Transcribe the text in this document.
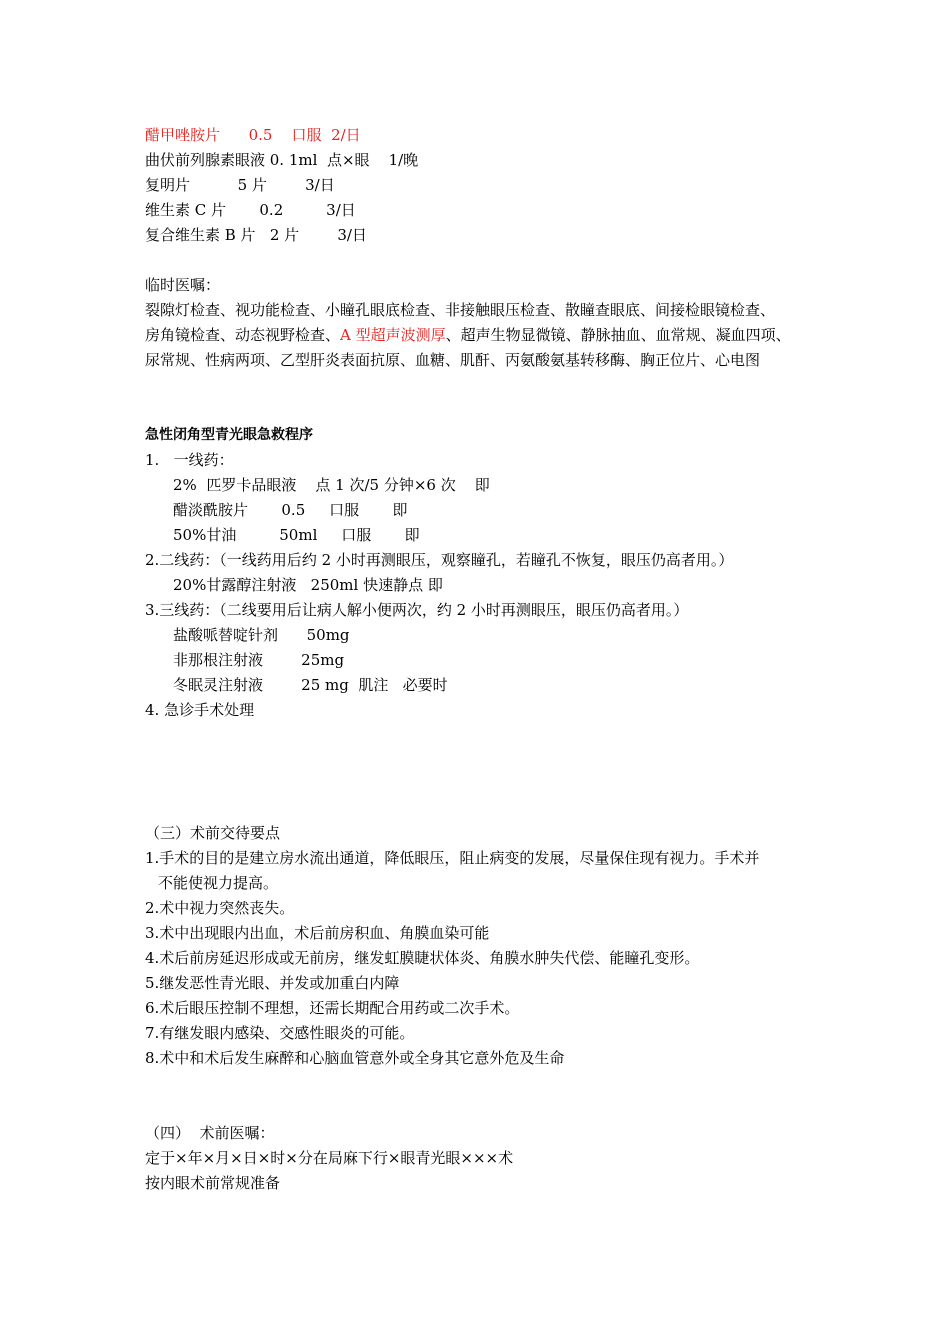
醋甲唑胺片      0.5    口服  2/日
曲伏前列腺素眼液 0. 1ml  点×眼    1/晚
复明片          5 片        3/日
维生素 C 片       0.2         3/日
复合维生素 B 片   2 片        3/日
临时医嘱：
裂隙灯检查、视功能检查、小瞳孔眼底检查、非接触眼压检查、散瞳查眼底、间接检眼镜检查、
房角镜检查、动态视野检查、A 型超声波测厚、超声生物显微镜、静脉抽血、血常规、凝血四项、
尿常规、性病两项、乙型肝炎表面抗原、血糖、肌酐、丙氨酸氨基转移酶、胸正位片、心电图
急性闭角型青光眼急救程序
1.   一线药：
2%  匹罗卡品眼液    点 1 次/5 分钟×6 次    即
醋淡酰胺片       0.5     口服       即
50%甘油         50ml     口服       即
2.二线药：（一线药用后约 2 小时再测眼压，观察瞳孔，若瞳孔不恢复，眼压仍高者用。）
20%甘露醇注射液   250ml 快速静点 即
3.三线药：（二线要用后让病人解小便两次，约 2 小时再测眼压，眼压仍高者用。）
盐酸哌替啶针剂      50mg
非那根注射液        25mg
冬眠灵注射液        25 mg  肌注   必要时
4. 急诊手术处理
（三）术前交待要点
1.手术的目的是建立房水流出通道，降低眼压，阻止病变的发展，尽量保住现有视力。手术并
不能使视力提高。
2.术中视力突然丧失。
3.术中出现眼内出血，术后前房积血、角膜血染可能
4.术后前房延迟形成或无前房，继发虹膜睫状体炎、角膜水肿失代偿、能瞳孔变形。
5.继发恶性青光眼、并发或加重白内障
6.术后眼压控制不理想，还需长期配合用药或二次手术。
7.有继发眼内感染、交感性眼炎的可能。
8.术中和术后发生麻醉和心脑血管意外或全身其它意外危及生命
（四）  术前医嘱：
定于×年×月×日×时×分在局麻下行×眼青光眼×××术
按内眼术前常规准备
